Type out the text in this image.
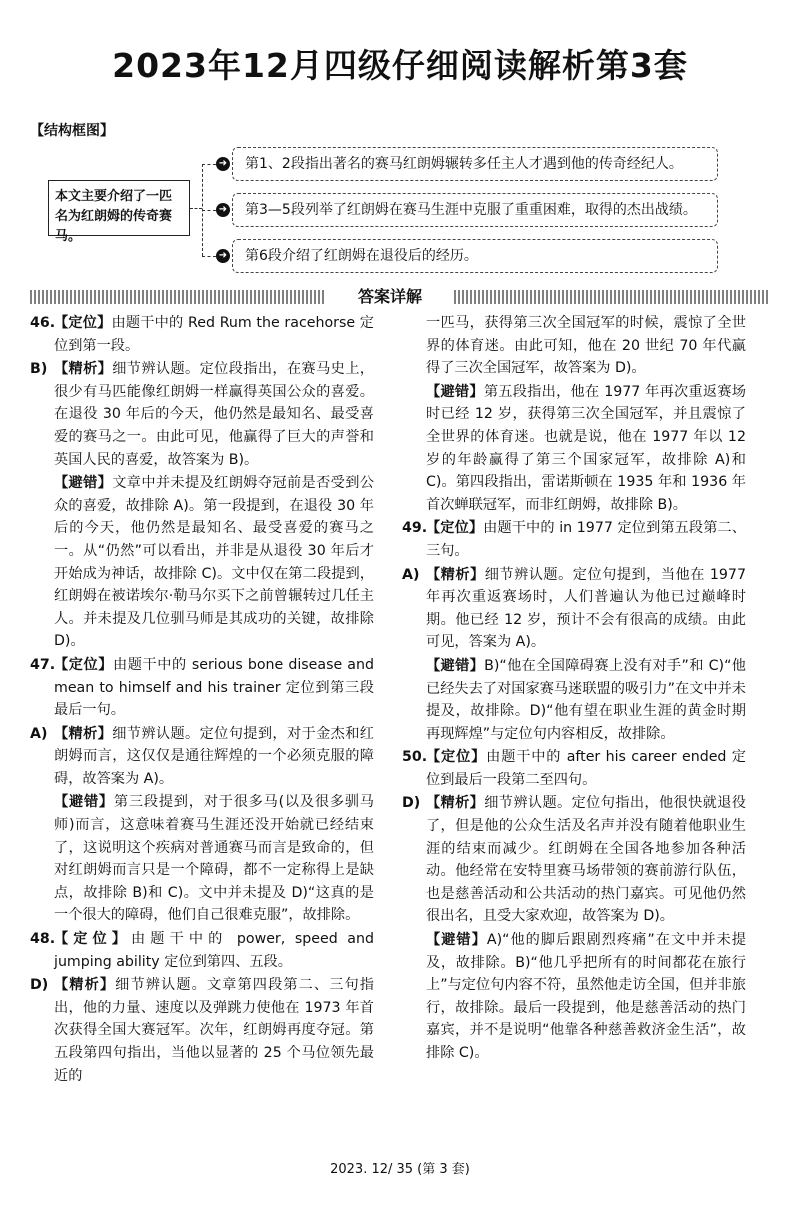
2023年12月四级仔细阅读解析第3套
【结构框图】
本文主要介绍了一匹名为红朗姆的传奇赛马。
➜
➜
➜
第1、2段指出著名的赛马红朗姆辗转多任主人才遇到他的传奇经纪人。
第3—5段列举了红朗姆在赛马生涯中克服了重重困难，取得的杰出战绩。
第6段介绍了红朗姆在退役后的经历。
答案详解
46.
【定位】由题干中的 Red Rum the racehorse 定位到第一段。
B) 【精析】细节辨认题。定位段指出，在赛马史上，很少有马匹能像红朗姆一样赢得英国公众的喜爱。在退役 30 年后的今天，他仍然是最知名、最受喜爱的赛马之一。由此可见，他赢得了巨大的声誉和英国人民的喜爱，故答案为 B)。
【避错】文章中并未提及红朗姆夺冠前是否受到公众的喜爱，故排除 A)。第一段提到，在退役 30 年后的今天，他仍然是最知名、最受喜爱的赛马之一。从“仍然”可以看出，并非是从退役 30 年后才开始成为神话，故排除 C)。文中仅在第二段提到，红朗姆在被诺埃尔·勒马尔买下之前曾辗转过几任主人。并未提及几位驯马师是其成功的关键，故排除 D)。
47.
【定位】由题干中的 serious bone disease and mean to himself and his trainer 定位到第三段最后一句。
A) 【精析】细节辨认题。定位句提到，对于金杰和红朗姆而言，这仅仅是通往辉煌的一个必须克服的障碍，故答案为 A)。
【避错】第三段提到，对于很多马(以及很多驯马师)而言，这意味着赛马生涯还没开始就已经结束了，这说明这个疾病对普通赛马而言是致命的，但对红朗姆而言只是一个障碍，都不一定称得上是缺点，故排除 B)和 C)。文中并未提及 D)“这真的是一个很大的障碍，他们自己很难克服”，故排除。
48.
【定位】由题干中的 power, speed and jumping ability 定位到第四、五段。
D) 【精析】细节辨认题。文章第四段第二、三句指出，他的力量、速度以及弹跳力使他在 1973 年首次获得全国大赛冠军。次年，红朗姆再度夺冠。第五段第四句指出，当他以显著的 25 个马位领先最近的
一匹马，获得第三次全国冠军的时候，震惊了全世界的体育迷。由此可知，他在 20 世纪 70 年代赢得了三次全国冠军，故答案为 D)。
【避错】第五段指出，他在 1977 年再次重返赛场时已经 12 岁，获得第三次全国冠军，并且震惊了全世界的体育迷。也就是说，他在 1977 年以 12 岁的年龄赢得了第三个国家冠军，故排除 A)和 C)。第四段指出，雷诺斯顿在 1935 年和 1936 年首次蝉联冠军，而非红朗姆，故排除 B)。
49.
【定位】由题干中的 in 1977 定位到第五段第二、三句。
A) 【精析】细节辨认题。定位句提到，当他在 1977 年再次重返赛场时，人们普遍认为他已过巅峰时期。他已经 12 岁，预计不会有很高的成绩。由此可见，答案为 A)。
【避错】B)“他在全国障碍赛上没有对手”和 C)“他已经失去了对国家赛马迷联盟的吸引力”在文中并未提及，故排除。D)“他有望在职业生涯的黄金时期再现辉煌”与定位句内容相反，故排除。
50.
【定位】由题干中的 after his career ended 定位到最后一段第二至四句。
D) 【精析】细节辨认题。定位句指出，他很快就退役了，但是他的公众生活及名声并没有随着他职业生涯的结束而减少。红朗姆在全国各地参加各种活动。他经常在安特里赛马场带领的赛前游行队伍，也是慈善活动和公共活动的热门嘉宾。可见他仍然很出名，且受大家欢迎，故答案为 D)。
【避错】A)“他的脚后跟剧烈疼痛”在文中并未提及，故排除。B)“他几乎把所有的时间都花在旅行上”与定位句内容不符，虽然他走访全国，但并非旅行，故排除。最后一段提到，他是慈善活动的热门嘉宾，并不是说明“他靠各种慈善救济金生活”，故排除 C)。
2023. 12/ 35 (第 3 套)
